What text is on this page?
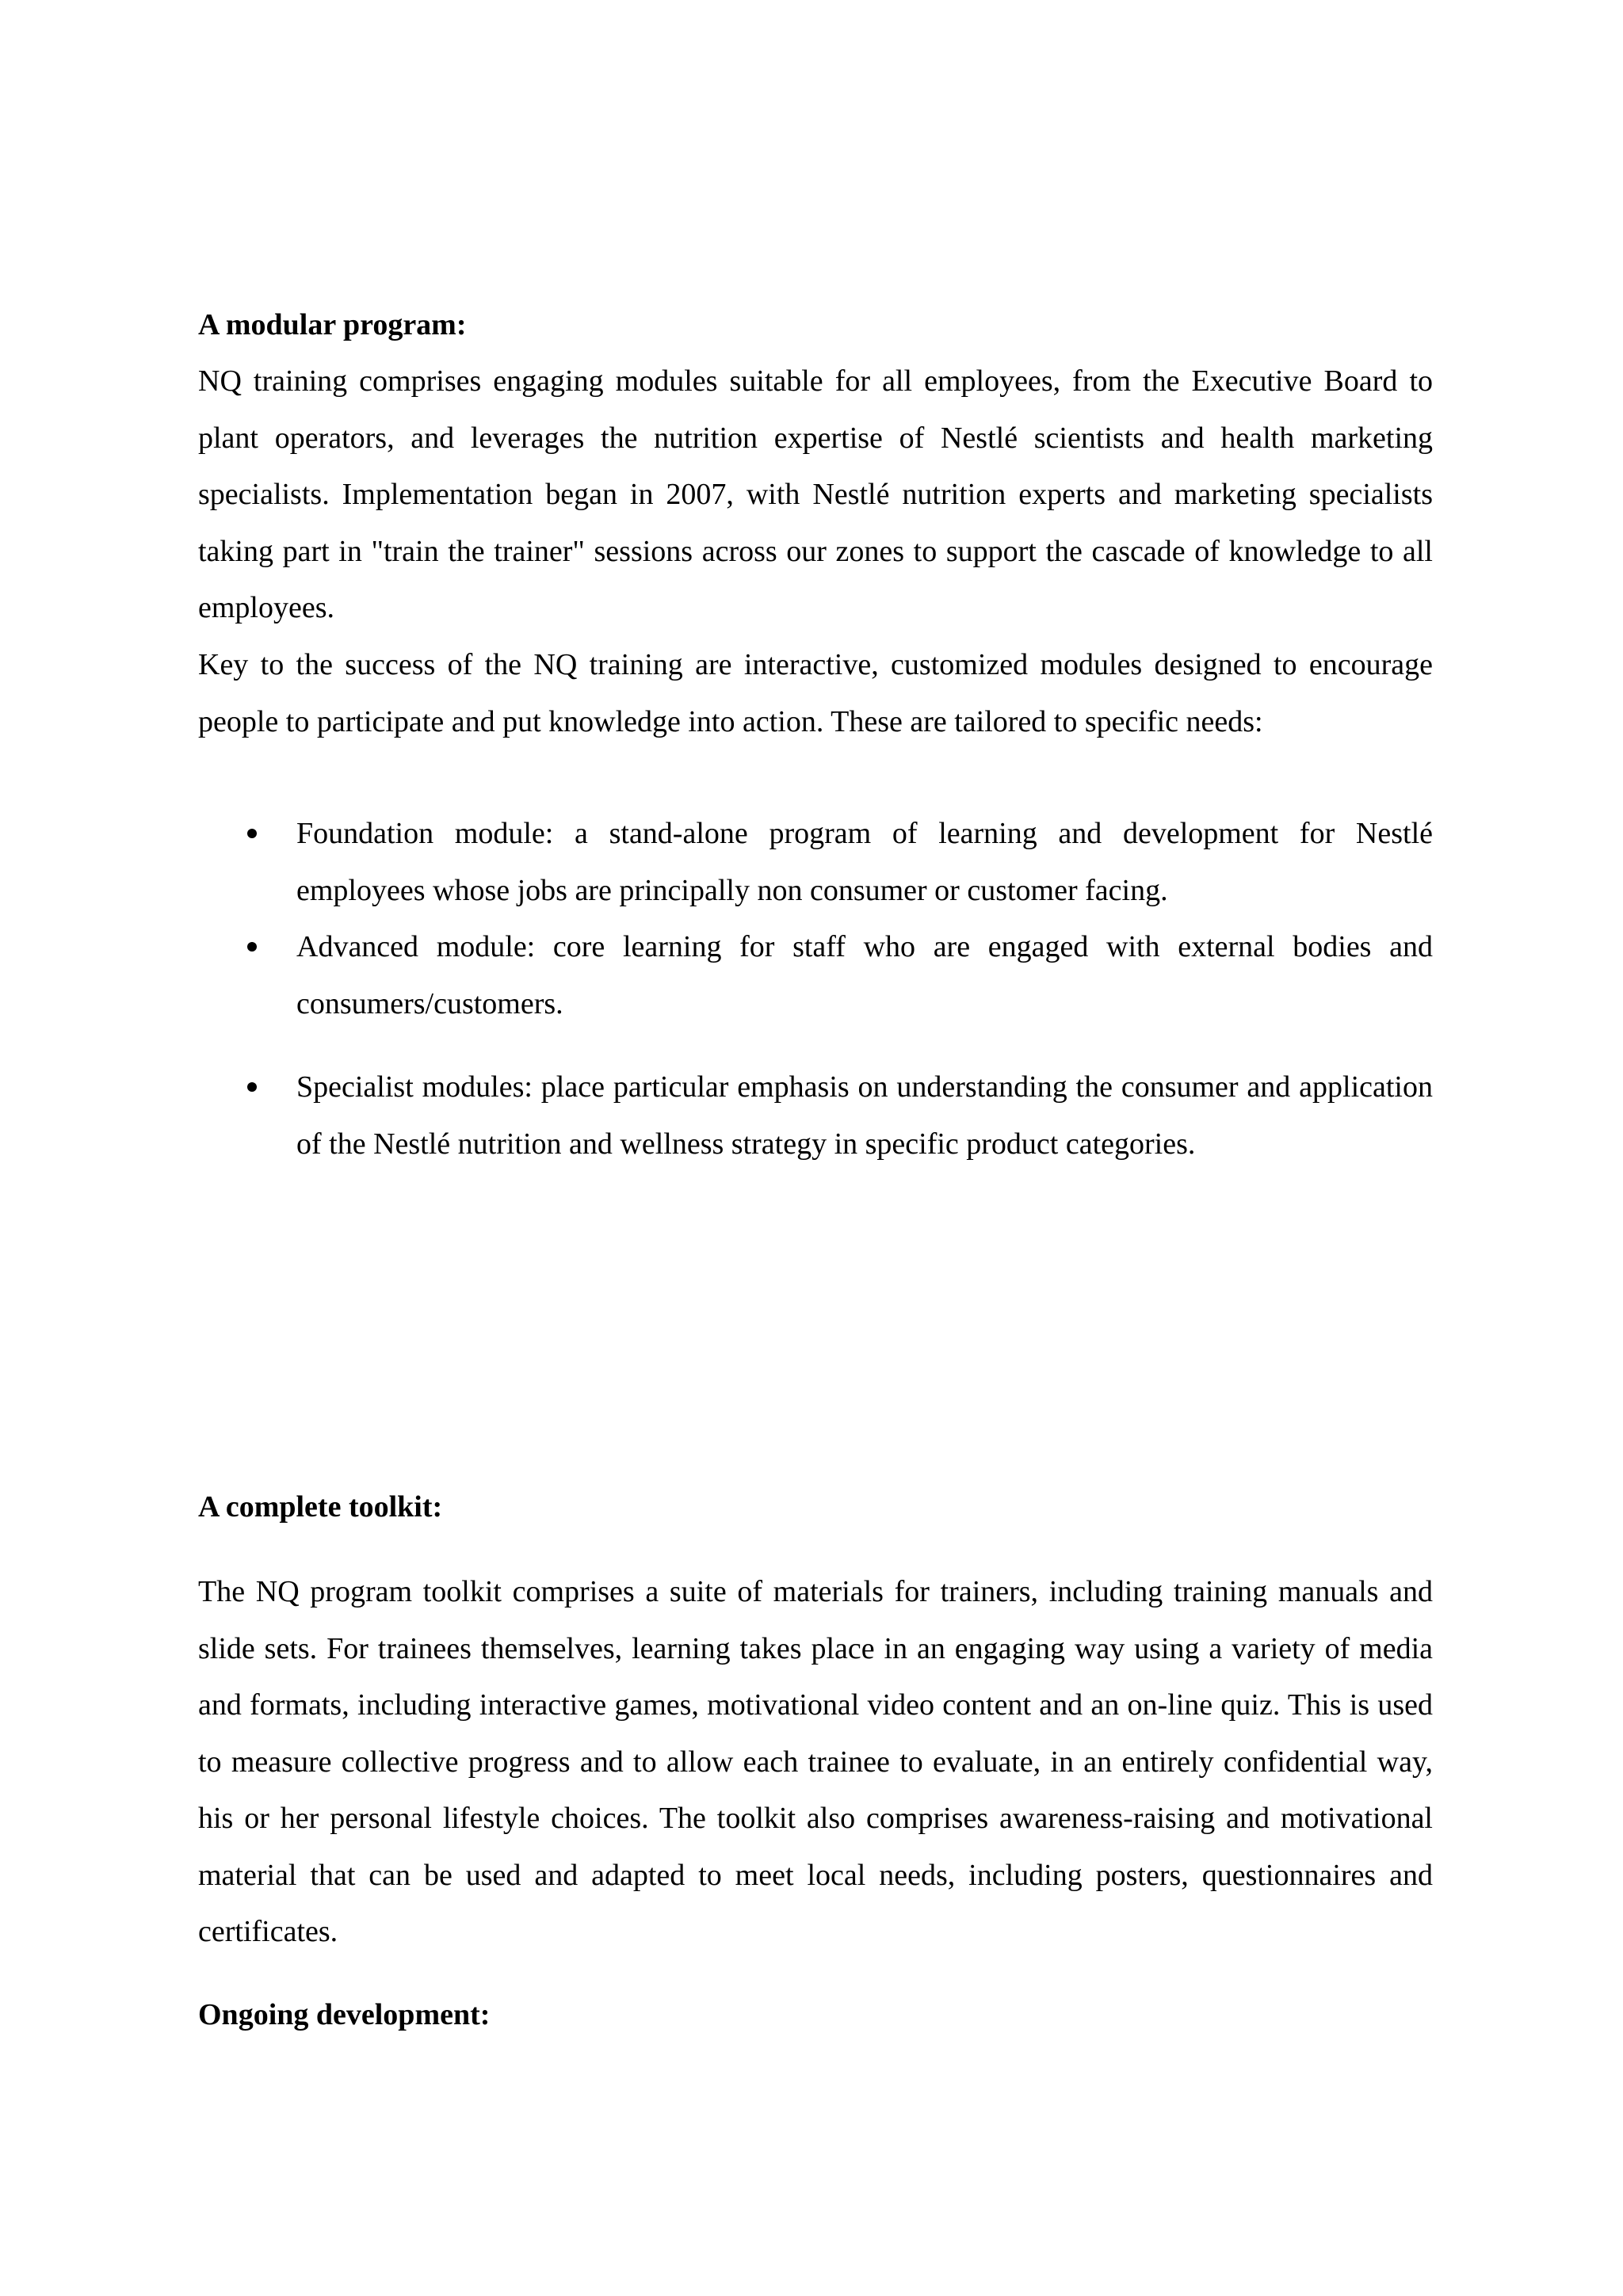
A modular program:

NQ training comprises engaging modules suitable for all employees, from the Executive Board to plant operators, and leverages the nutrition expertise of Nestlé scientists and health marketing specialists. Implementation began in 2007, with Nestlé nutrition experts and marketing specialists taking part in "train the trainer" sessions across our zones to support the cascade of knowledge to all employees.

Key to the success of the NQ training are interactive, customized modules designed to encourage people to participate and put knowledge into action. These are tailored to specific needs:

Foundation module: a stand-alone program of learning and development for Nestlé employees whose jobs are principally non consumer or customer facing.
Advanced module: core learning for staff who are engaged with external bodies and consumers/customers.
Specialist modules: place particular emphasis on understanding the consumer and application of the Nestlé nutrition and wellness strategy in specific product categories.
A complete toolkit:

The NQ program toolkit comprises a suite of materials for trainers, including training manuals and slide sets. For trainees themselves, learning takes place in an engaging way using a variety of media and formats, including interactive games, motivational video content and an on-line quiz. This is used to measure collective progress and to allow each trainee to evaluate, in an entirely confidential way, his or her personal lifestyle choices. The toolkit also comprises awareness-raising and motivational material that can be used and adapted to meet local needs, including posters, questionnaires and certificates.

Ongoing development:
